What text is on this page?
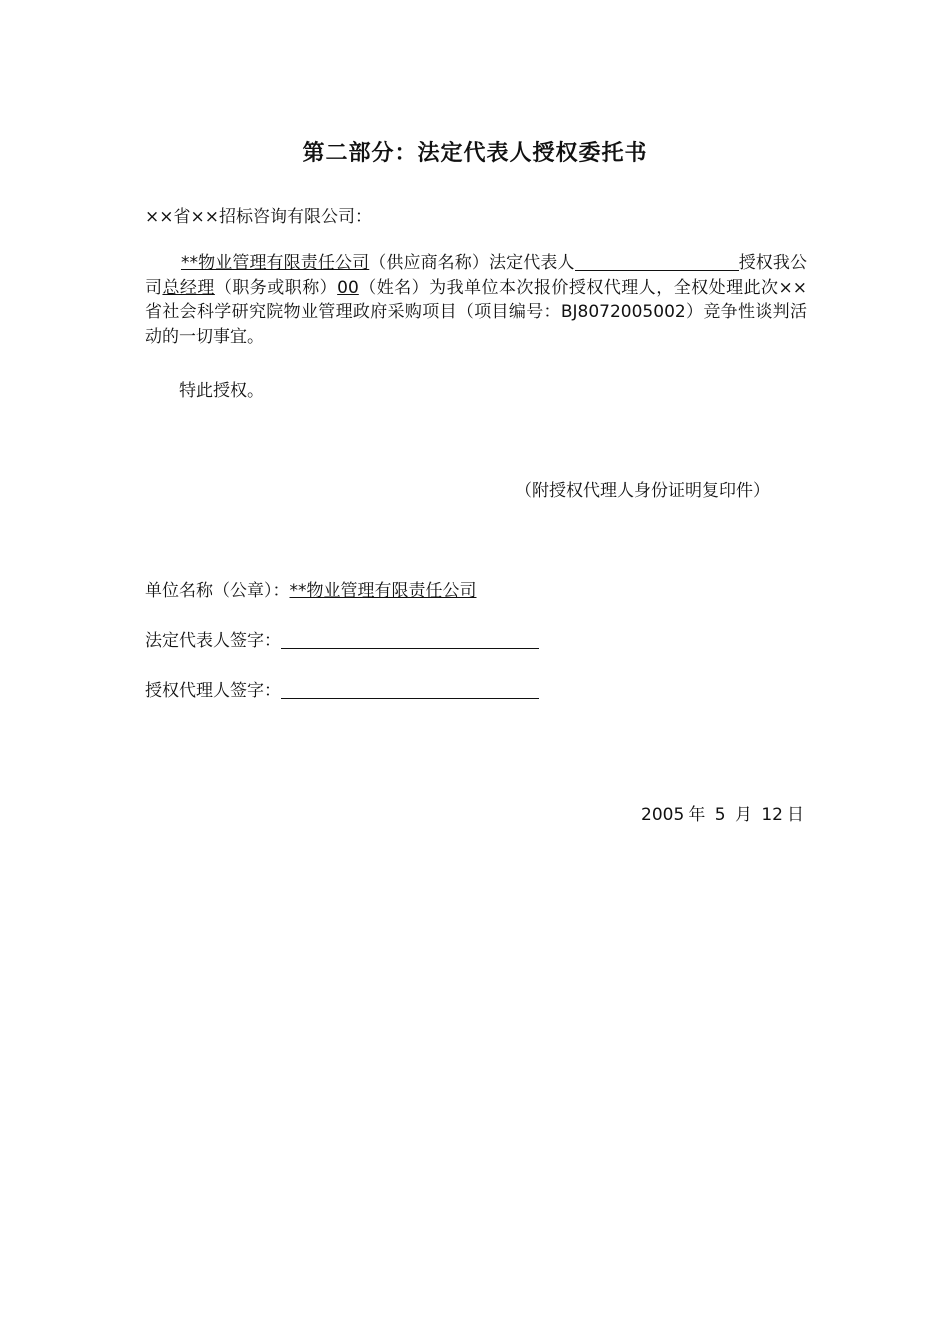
第二部分：法定代表人授权委托书
××省××招标咨询有限公司：
**物业管理有限责任公司（供应商名称）法定代表人	授权我公司总经理（职务或职称）00（姓名）为我单位本次报价授权代理人，全权处理此次××省社会科学研究院物业管理政府采购项目（项目编号：BJ8072005002）竞争性谈判活动的一切事宜。
特此授权。
（附授权代理人身份证明复印件）
单位名称（公章）：**物业管理有限责任公司
法定代表人签字：
授权代理人签字：
2005 年 5 月 12 日
